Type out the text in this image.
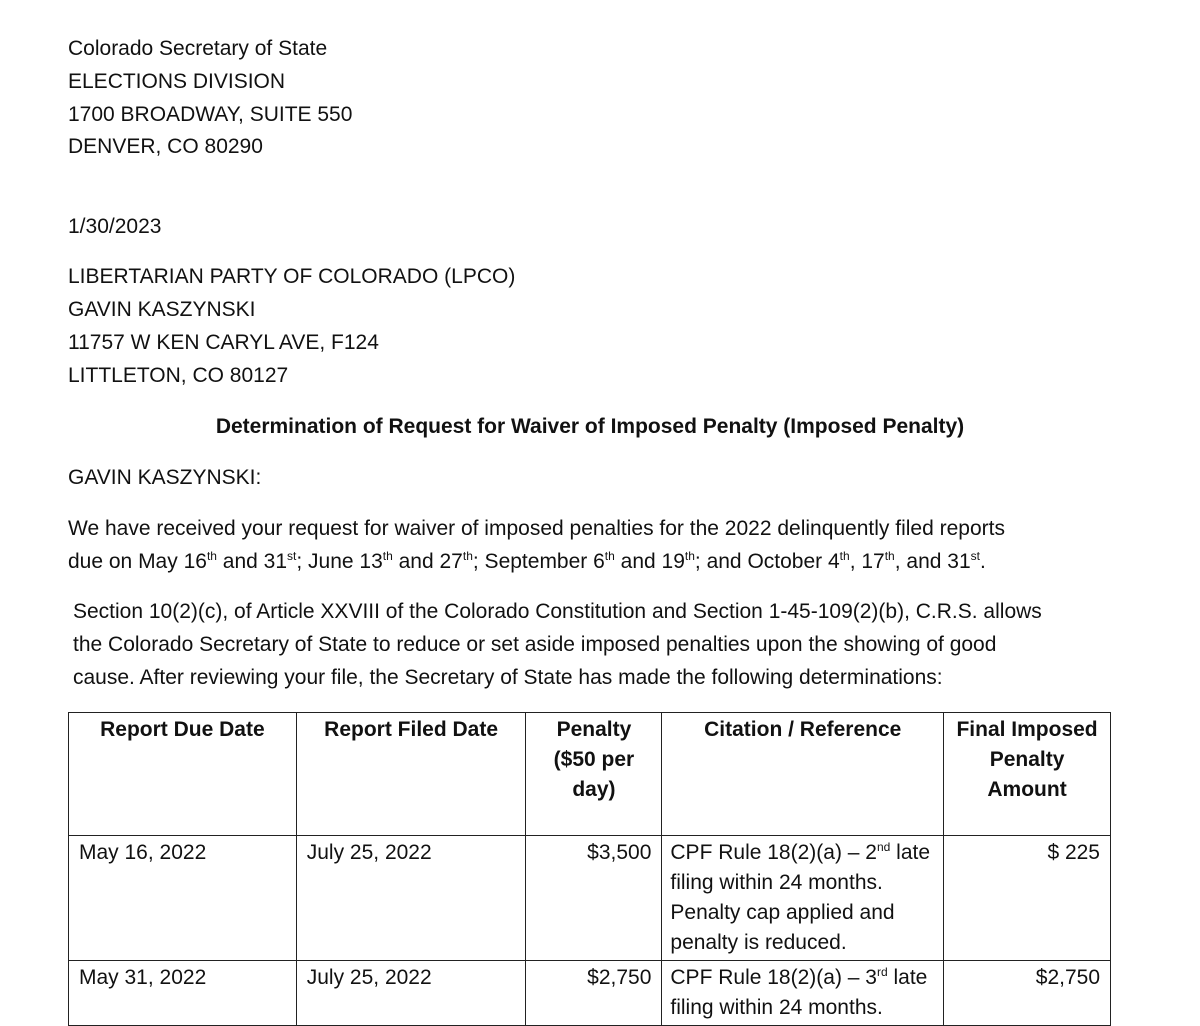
Colorado Secretary of State
ELECTIONS DIVISION
1700 BROADWAY, SUITE 550
DENVER, CO 80290
1/30/2023
LIBERTARIAN PARTY OF COLORADO (LPCO)
GAVIN KASZYNSKI
11757 W KEN CARYL AVE, F124
LITTLETON, CO 80127
Determination of Request for Waiver of Imposed Penalty (Imposed Penalty)
GAVIN KASZYNSKI:
We have received your request for waiver of imposed penalties for the 2022 delinquently filed reports
due on May 16th and 31st; June 13th and 27th; September 6th and 19th; and October 4th, 17th, and 31st.
Section 10(2)(c), of Article XXVIII of the Colorado Constitution and Section 1-45-109(2)(b), C.R.S. allows
the Colorado Secretary of State to reduce or set aside imposed penalties upon the showing of good
cause. After reviewing your file, the Secretary of State has made the following determinations:
Report Due Date	Report Filed Date	Penalty ($50 per day)	Citation / Reference	Final Imposed Penalty Amount
May 16, 2022	July 25, 2022	$3,500	CPF Rule 18(2)(a) – 2nd late filing within 24 months. Penalty cap applied and penalty is reduced.	$ 225
May 31, 2022	July 25, 2022	$2,750	CPF Rule 18(2)(a) – 3rd late filing within 24 months.	$2,750
